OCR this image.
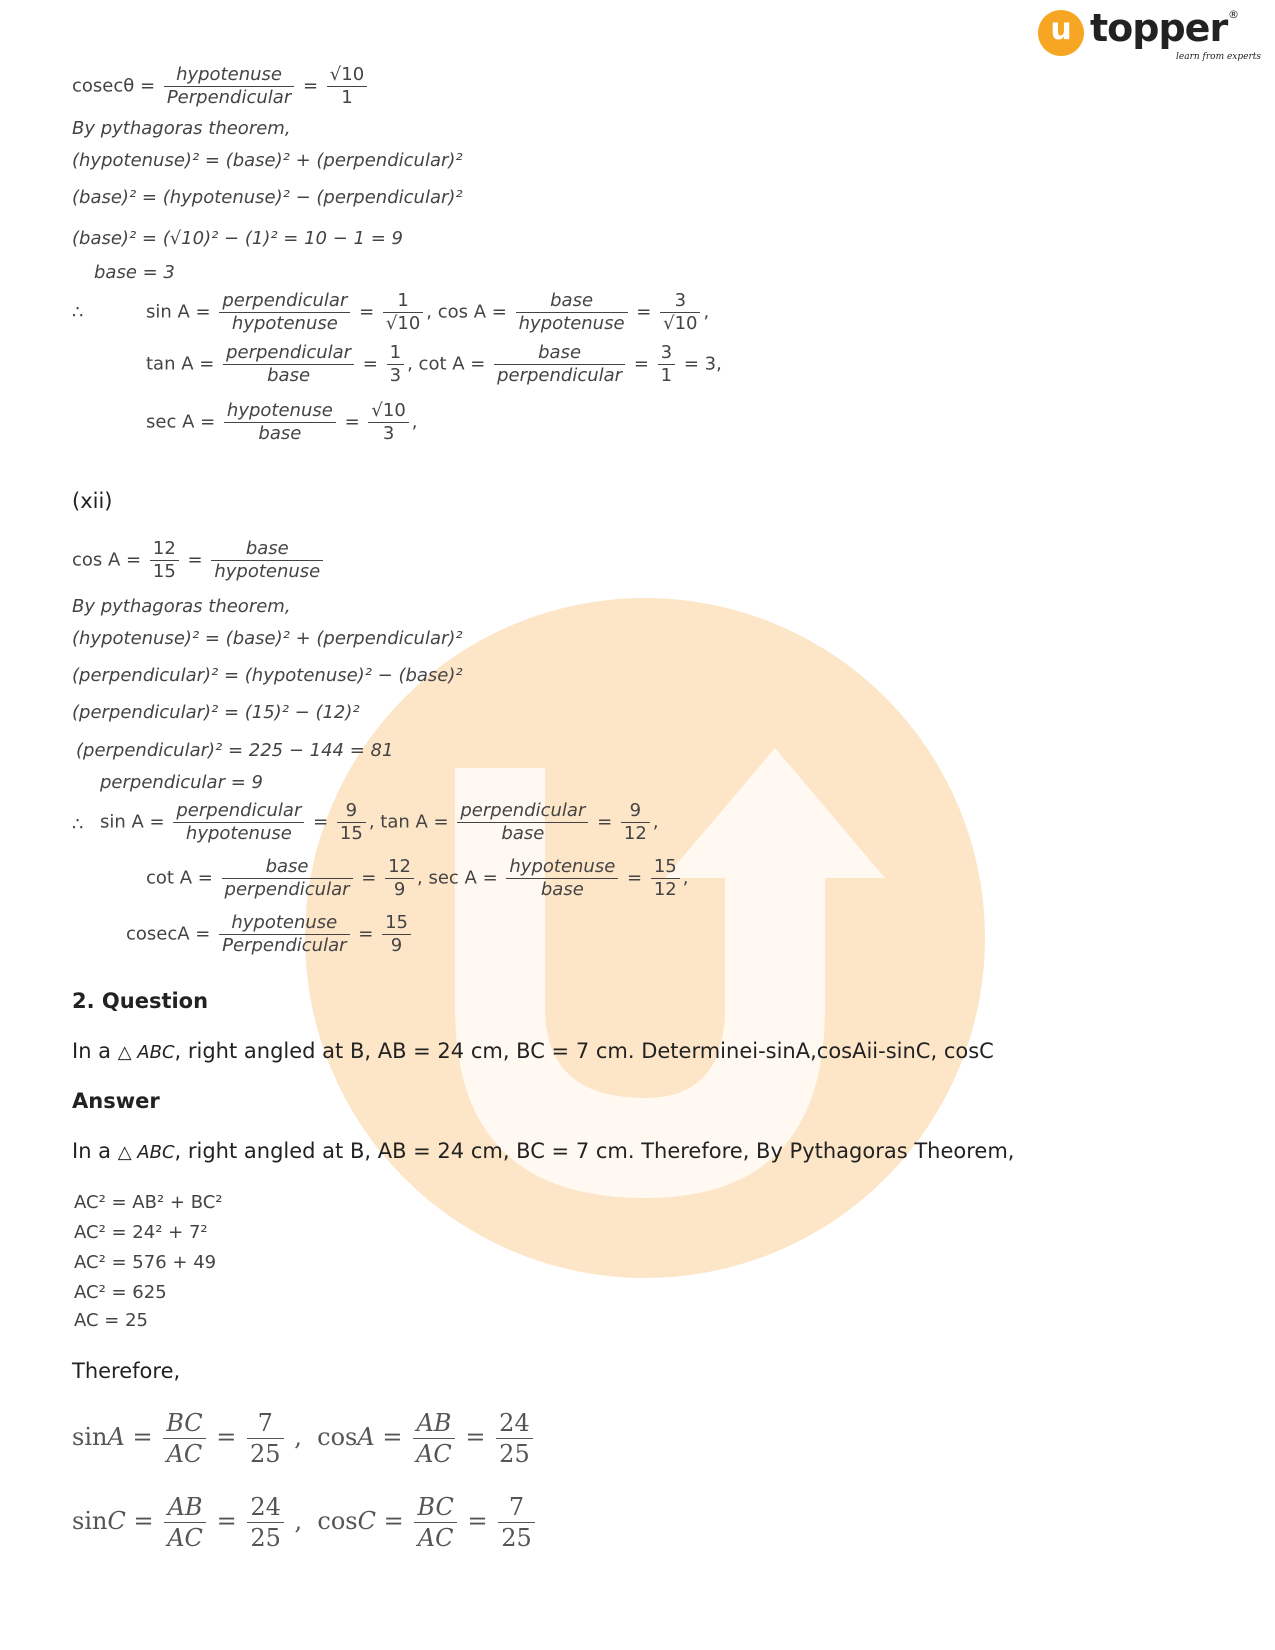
u topper
learn from experts
®
cosecθ =
hypotenuse
Perpendicular
= $\frac{√10}{1}$
By pythagoras theorem,
(hypotenuse)² = (base)² + (perpendicular)²
(base)² = (hypotenuse)² − (perpendicular)²
(base)² = (√10)² − (1)² = 10 − 1 = 9
base = 3
∴	sin A =
perpendicular
hypotenuse
= $\frac{1}{√10}$ , cos A =
base
hypotenuse
= $\frac{3}{√10}$ ,
tan A =
perpendicular
base
= $\frac{1}{3}$ , cot A =
base
perpendicular
= $\frac{3}{1} = 3$,
sec A =
hypotenuse
base
= $\frac{√10}{3}$ ,
(xii)
$\cos A = \frac{12}{15}$ =
base
hypotenuse
By pythagoras theorem,
(hypotenuse)² = (base)² + (perpendicular)²
(perpendicular)² = (hypotenuse)² − (base)²
(perpendicular)² = (15)² − (12)²
(perpendicular)² = 225 − 144 = 81
perpendicular = 9
∴ sin A =
perpendicular
hypotenuse
= $\frac{9}{15}$ , tan A =
perpendicular
base
= $\frac{9}{12}$ ,
cot A =
base
perpendicular
= $\frac{12}{9}$ , sec A =
hypotenuse
base
= $\frac{15}{12}$ ,
cosecA =
hypotenuse
Perpendicular
= $\frac{15}{9}$
2. Question
In a △ ABC, right angled at B, AB = 24 cm, BC = 7 cm. Determinei-sinA,cosAii-sinC, cosC
Answer
In a △ ABC, right angled at B, AB = 24 cm, BC = 7 cm. Therefore, By Pythagoras Theorem,
AC² = AB² + BC²
AC² = 24² + 7²
AC² = 576 + 49
AC² = 625
AC = 25
Therefore,
$\sin A = \frac{BC}{AC} = \frac{7}{25}$ , $\cos A = \frac{AB}{AC} = \frac{24}{25}$
$\sin C = \frac{AB}{AC} = \frac{24}{25}$ , $\cos C = \frac{BC}{AC} = \frac{7}{25}$
